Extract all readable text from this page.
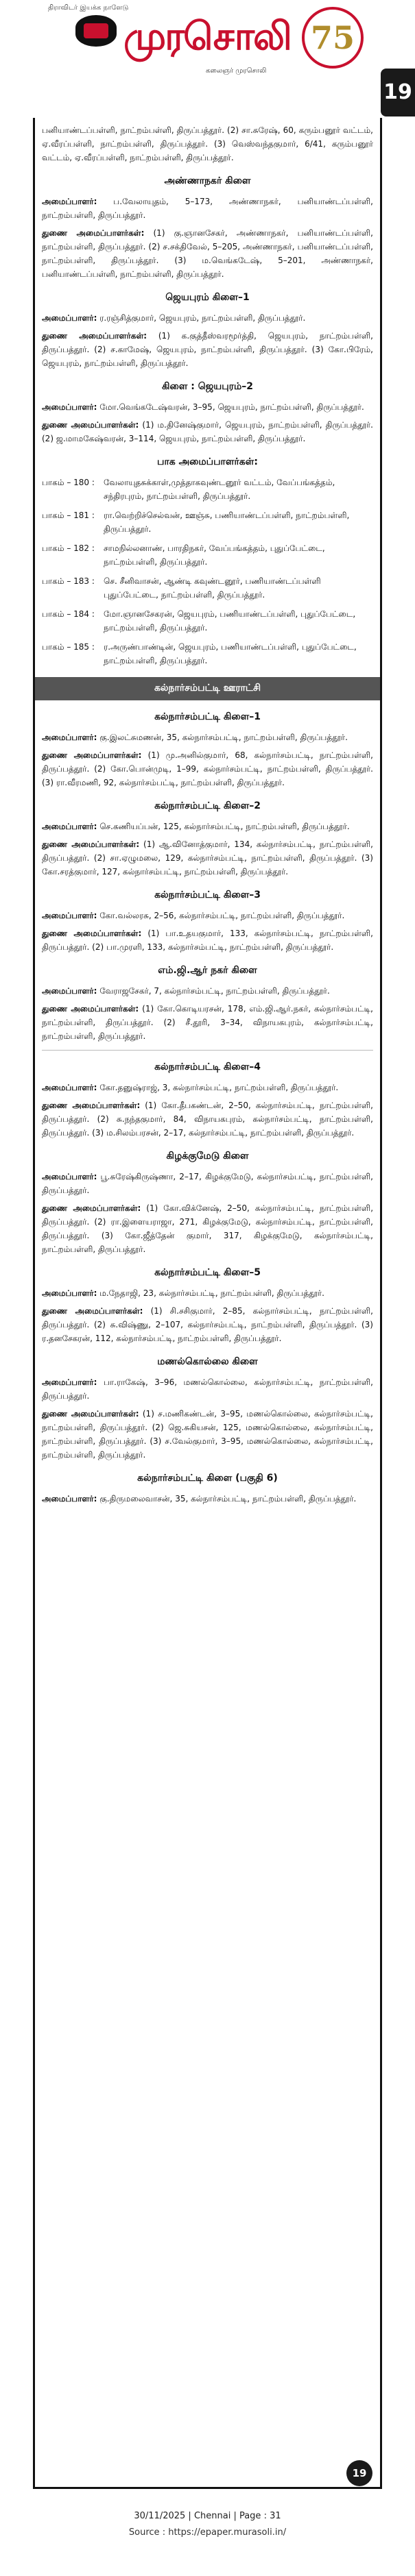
திராவிடர் இயக்க நாளேடு
முரசொலி
கலைஞர் முரசொலி
75
19

பனியாண்டப்பள்ளி, நாட்றம்பள்ளி, திருப்பத்தூர். (2) சா.சுரேஷ், 60, கரும்பனூர் வட்டம், ஏ.வீரப்பள்ளி, நாட்றம்பள்ளி, திருப்பத்தூர். (3) வெஸ்வந்தகுமார், 6/41, கரும்பனூர் வட்டம், ஏ.வீரப்பள்ளி, நாட்றம்பள்ளி, திருப்பத்தூர்.

அண்ணாநகர் கிளை

அமைப்பாளர்: ப.வேலாயுதம், 5–173, அண்ணாநகர், பனியாண்டப்பள்ளி, நாட்றம்பள்ளி, திருப்பத்தூர்.

துணை அமைப்பாளர்கள்: (1) கு.ஞானசேகர், அண்ணாநகர், பனியாண்டப்பள்ளி, நாட்றம்பள்ளி, திருப்பத்தூர். (2) ச.சக்திவேல், 5–205, அண்ணாநகர், பனியாண்டப்பள்ளி, நாட்றம்பள்ளி, திருப்பத்தூர். (3) ம.வெங்கடேஷ், 5–201, அண்ணாநகர், பனியாண்டப்பள்ளி, நாட்றம்பள்ளி, திருப்பத்தூர்.

ஜெயபுரம் கிளை–1

அமைப்பாளர்: ர.ரஞ்சித்குமார், ஜெயபுரம், நாட்றம்பள்ளி, திருப்பத்தூர்.

துணை அமைப்பாளர்கள்: (1) க.குத்தீஸ்வரமூர்த்தி, ஜெயபுரம், நாட்றம்பள்ளி, திருப்பத்தூர். (2) ச.காமேஷ், ஜெயபுரம், நாட்றம்பள்ளி, திருப்பத்தூர். (3) கோ.பிரேம், ஜெயபுரம், நாட்றம்பள்ளி, திருப்பத்தூர்.

கிளை : ஜெயபுரம்–2

அமைப்பாளர்: மோ.வெங்கடேஷ்வரன், 3–95, ஜெயபுரம், நாட்றம்பள்ளி, திருப்பத்தூர்.

துணை அமைப்பாளர்கள்: (1) ம.தினேஷ்குமார், ஜெயபுரம், நாட்றம்பள்ளி, திருப்பத்தூர். (2) ஜ.மாமகேஷ்வரன், 3–114, ஜெயபுரம், நாட்றம்பள்ளி, திருப்பத்தூர்.

பாக அமைப்பாளர்கள்:
பாகம் – 180 :	வேலாயுதசுக்காள்,முத்தாகவுண்டனூர் வட்டம், வேப்பங்கத்தம், சந்திரபுரம், நாட்றம்பள்ளி, திருப்பத்தூர்.
பாகம் – 181 :	ரா.வெற்றிச்செல்வன், ஊஞ்சு, பணியாண்டப்பள்ளி, நாட்றம்பள்ளி, திருப்பத்தூர்.
பாகம் – 182 :	சாமநில்லனாண், பாரதிநகர், வேப்பங்கத்தம், புதுப்பேட்டை, நாட்றம்பள்ளி, திருப்பத்தூர்.
பாகம் – 183 :	செ. சீனிவாசன், ஆண்டி கவுண்டனூர், பணியாண்டப்பள்ளி புதுப்பேட்டை, நாட்றம்பள்ளி, திருப்பத்தூர்.
பாகம் – 184 :	மோ.ஞானசேகரன், ஜெயபுரம், பணியாண்டப்பள்ளி, புதுப்பேட்டை, நாட்றம்பள்ளி, திருப்பத்தூர்.
பாகம் – 185 :	ர.அருண்பாண்டின், ஜெயபுரம், பணியாண்டப்பள்ளி, புதுப்பேட்டை, நாட்றம்பள்ளி, திருப்பத்தூர்.
கல்நார்சம்பட்டி ஊராட்சி
கல்நார்சம்பட்டி கிளை–1

அமைப்பாளர்: கு.இலட்சுமணன், 35, கல்நார்சம்பட்டி, நாட்றம்பள்ளி, திருப்பத்தூர்.

துணை அமைப்பாளர்கள்: (1) மு.அனில்குமார், 68, கல்நார்சம்பட்டி, நாட்றம்பள்ளி, திருப்பத்தூர். (2) கோ.பொன்முடி, 1–99, கல்நார்சம்பட்டி, நாட்றம்பள்ளி, திருப்பத்தூர். (3) ரா.வீரமணி, 92, கல்நார்சம்பட்டி, நாட்றம்பள்ளி, திருப்பத்தூர்.

கல்நார்சம்பட்டி கிளை–2

அமைப்பாளர்: செ.கணியப்பன், 125, கல்நார்சம்பட்டி, நாட்றம்பள்ளி, திருப்பத்தூர்.

துணை அமைப்பாளர்கள்: (1) ஆ.வினோத்குமார், 134, கல்நார்சம்பட்டி, நாட்றம்பள்ளி, திருப்பத்தூர். (2) சா.ஏழுமலை, 129, கல்நார்சம்பட்டி, நாட்றம்பள்ளி, திருப்பத்தூர். (3) கோ.சரத்குமார், 127, கல்நார்சம்பட்டி, நாட்றம்பள்ளி, திருப்பத்தூர்.

கல்நார்சம்பட்டி கிளை–3

அமைப்பாளர்: கோ.வல்லரசு, 2–56, கல்நார்சம்பட்டி, நாட்றம்பள்ளி, திருப்பத்தூர்.

துணை அமைப்பாளர்கள்: (1) பா.உதயகுமார், 133, கல்நார்சம்பட்டி, நாட்றம்பள்ளி, திருப்பத்தூர். (2) பா.முரளி, 133, கல்நார்சம்பட்டி, நாட்றம்பள்ளி, திருப்பத்தூர்.

எம்.ஜி.ஆர் நகர் கிளை

அமைப்பாளர்: வேராஜசேகர், 7, கல்நார்சம்பட்டி, நாட்றம்பள்ளி, திருப்பத்தூர்.

துணை அமைப்பாளர்கள்: (1) கோ.கொடியரசன், 178, எம்.ஜி.ஆர்.நகர், கல்நார்சம்பட்டி, நாட்றம்பள்ளி, திருப்பத்தூர். (2) சீ.தூரி, 3–34, விநாயகபுரம், கல்நார்சம்பட்டி, நாட்றம்பள்ளி, திருப்பத்தூர்.

கல்நார்சம்பட்டி கிளை–4

அமைப்பாளர்: கோ.தனுஷ்ராஜ், 3, கல்நார்சம்பட்டி, நாட்றம்பள்ளி, திருப்பத்தூர்.

துணை அமைப்பாளர்கள்: (1) கோ.தீபகண்டன், 2–50, கல்நார்சம்பட்டி, நாட்றம்பள்ளி, திருப்பத்தூர். (2) சு.நந்தகுமார், 84, விநாயகபுரம், கல்நார்சம்பட்டி, நாட்றம்பள்ளி, திருப்பத்தூர். (3) ம.சிலம்பரசன், 2–17, கல்நார்சம்பட்டி, நாட்றம்பள்ளி, திருப்பத்தூர்.

கிழக்குமேடு கிளை

அமைப்பாளர்: பூ.சுரேஷ்கிருஷ்ணா, 2–17, கிழக்குமேடு, கல்நார்சம்பட்டி, நாட்றம்பள்ளி, திருப்பத்தூர்.

துணை அமைப்பாளர்கள்: (1) கோ.விக்னேஷ், 2–50, கல்நார்சம்பட்டி, நாட்றம்பள்ளி, திருப்பத்தூர். (2) ரா.இளையராஜா, 271, கிழக்குமேடு, கல்நார்சம்பட்டி, நாட்றம்பள்ளி, திருப்பத்தூர். (3) கோ.ஜீத்தேன் குமார், 317, கிழக்குமேடு, கல்நார்சம்பட்டி, நாட்றம்பள்ளி, திருப்பத்தூர்.

கல்நார்சம்பட்டி கிளை–5

அமைப்பாளர்: ம.நேதாஜி, 23, கல்நார்சம்பட்டி, நாட்றம்பள்ளி, திருப்பத்தூர்.

துணை அமைப்பாளர்கள்: (1) சி.சசிகுமார், 2–85, கல்நார்சம்பட்டி, நாட்றம்பள்ளி, திருப்பத்தூர். (2) சு.விஷ்ணு, 2–107, கல்நார்சம்பட்டி, நாட்றம்பள்ளி, திருப்பத்தூர். (3) ர.தனசேகரன், 112, கல்நார்சம்பட்டி, நாட்றம்பள்ளி, திருப்பத்தூர்.

மணல்கொல்லை கிளை

அமைப்பாளர்: பா.ராகேஷ், 3–96, மணல்கொல்லை, கல்நார்சம்பட்டி, நாட்றம்பள்ளி, திருப்பத்தூர்.

துணை அமைப்பாளர்கள்: (1) ச.மணிகண்டன், 3–95, மணல்கொல்லை, கல்நார்சம்பட்டி, நாட்றம்பள்ளி, திருப்பத்தூர். (2) ஜெ.சுகியசன், 125, மணல்கொல்லை, கல்நார்சம்பட்டி, நாட்றம்பள்ளி, திருப்பத்தூர். (3) ச.வேல்குமார், 3–95, மணல்கொல்லை, கல்நார்சம்பட்டி, நாட்றம்பள்ளி, திருப்பத்தூர்.

கல்நார்சம்பட்டி கிளை (பகுதி 6)

அமைப்பாளர்: கு.திருமலைவாசன், 35, கல்நார்சம்பட்டி, நாட்றம்பள்ளி, திருப்பத்தூர்.

19
30/11/2025 | Chennai | Page : 31
Source : https://epaper.murasoli.in/
